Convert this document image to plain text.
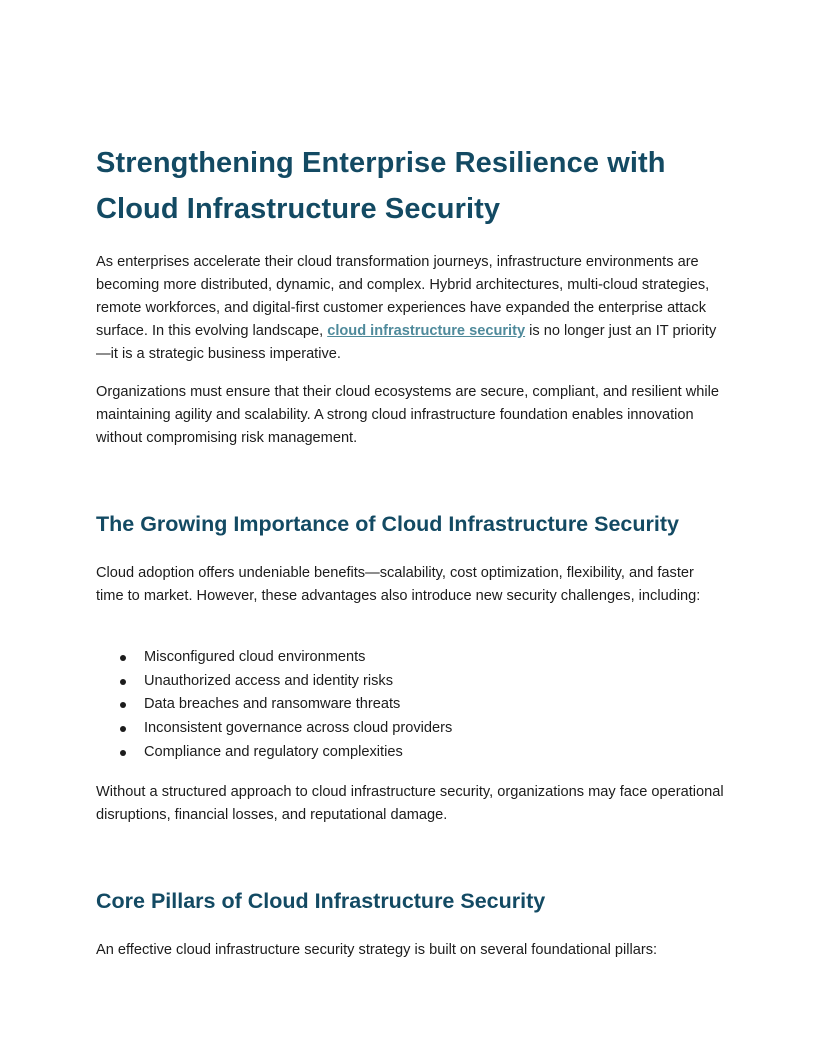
Strengthening Enterprise Resilience with Cloud Infrastructure Security

As enterprises accelerate their cloud transformation journeys, infrastructure environments are becoming more distributed, dynamic, and complex. Hybrid architectures, multi-cloud strategies, remote workforces, and digital-first customer experiences have expanded the enterprise attack surface. In this evolving landscape, cloud infrastructure security is no longer just an IT priority—it is a strategic business imperative.

Organizations must ensure that their cloud ecosystems are secure, compliant, and resilient while maintaining agility and scalability. A strong cloud infrastructure foundation enables innovation without compromising risk management.

The Growing Importance of Cloud Infrastructure Security

Cloud adoption offers undeniable benefits—scalability, cost optimization, flexibility, and faster time to market. However, these advantages also introduce new security challenges, including:

Misconfigured cloud environments
Unauthorized access and identity risks
Data breaches and ransomware threats
Inconsistent governance across cloud providers
Compliance and regulatory complexities

Without a structured approach to cloud infrastructure security, organizations may face operational disruptions, financial losses, and reputational damage.

Core Pillars of Cloud Infrastructure Security

An effective cloud infrastructure security strategy is built on several foundational pillars:
